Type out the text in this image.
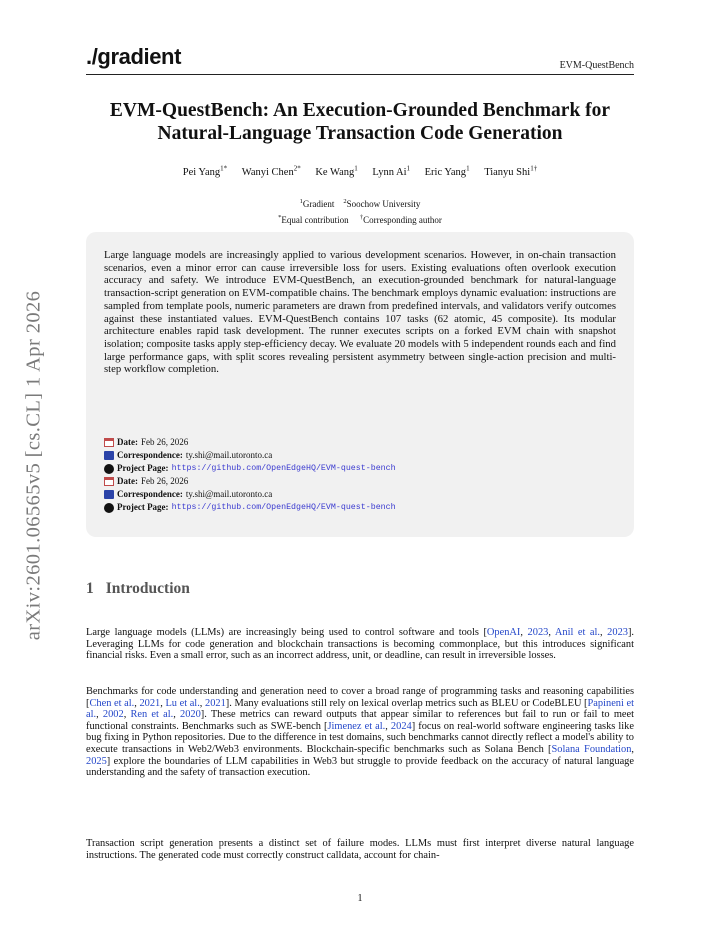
arXiv:2601.06565v5 [cs.CL] 1 Apr 2026
./gradient	EVM-QuestBench
EVM-QuestBench: An Execution-Grounded Benchmark for
Natural-Language Transaction Code Generation
Pei Yang$^{1*}$ Wanyi Chen$^{2*}$ Ke Wang$^1$ Lynn Ai$^1$ Eric Yang$^1$ Tianyu Shi$^{1\dagger}$
$^1$Gradient $^2$Soochow University
*Equal contribution †Corresponding author

Large language models are increasingly applied to various development scenarios. However, in on-chain transaction scenarios, even a minor error can cause irreversible loss for users. Existing evaluations often overlook execution accuracy and safety. We introduce EVM-QuestBench, an execution-grounded benchmark for natural-language transaction-script generation on EVM-compatible chains. The benchmark employs dynamic evaluation: instructions are sampled from template pools, numeric parameters are drawn from predefined intervals, and validators verify outcomes against these instantiated values. EVM-QuestBench contains 107 tasks (62 atomic, 45 composite). Its modular architecture enables rapid task development. The runner executes scripts on a forked EVM chain with snapshot isolation; composite tasks apply step-efficiency decay. We evaluate 20 models with 5 independent rounds each and find large performance gaps, with split scores revealing persistent asymmetry between single-action precision and multi-step workflow completion.

Date: Feb 26, 2026
Correspondence: ty.shi@mail.utoronto.ca
Project Page: https://github.com/OpenEdgeHQ/EVM-quest-bench
Date: Feb 26, 2026
Correspondence: ty.shi@mail.utoronto.ca
Project Page: https://github.com/OpenEdgeHQ/EVM-quest-bench
1 Introduction

Large language models (LLMs) are increasingly being used to control software and tools [OpenAI, 2023, Anil et al., 2023]. Leveraging LLMs for code generation and blockchain transactions is becoming commonplace, but this introduces significant financial risks. Even a small error, such as an incorrect address, unit, or deadline, can result in irreversible losses.

Benchmarks for code understanding and generation need to cover a broad range of programming tasks and reasoning capabilities [Chen et al., 2021, Lu et al., 2021]. Many evaluations still rely on lexical overlap metrics such as BLEU or CodeBLEU [Papineni et al., 2002, Ren et al., 2020]. These metrics can reward outputs that appear similar to references but fail to run or fail to meet functional constraints. Benchmarks such as SWE-bench [Jimenez et al., 2024] focus on real-world software engineering tasks like bug fixing in Python repositories. Due to the difference in test domains, such benchmarks cannot directly reflect a model's ability to execute transactions in Web2/Web3 environments. Blockchain-specific benchmarks such as Solana Bench [Solana Foundation, 2025] explore the boundaries of LLM capabilities in Web3 but struggle to provide feedback on the accuracy of natural language understanding and the safety of transaction execution.

Transaction script generation presents a distinct set of failure modes. LLMs must first interpret diverse natural language instructions. The generated code must correctly construct calldata, account for chain-

1
